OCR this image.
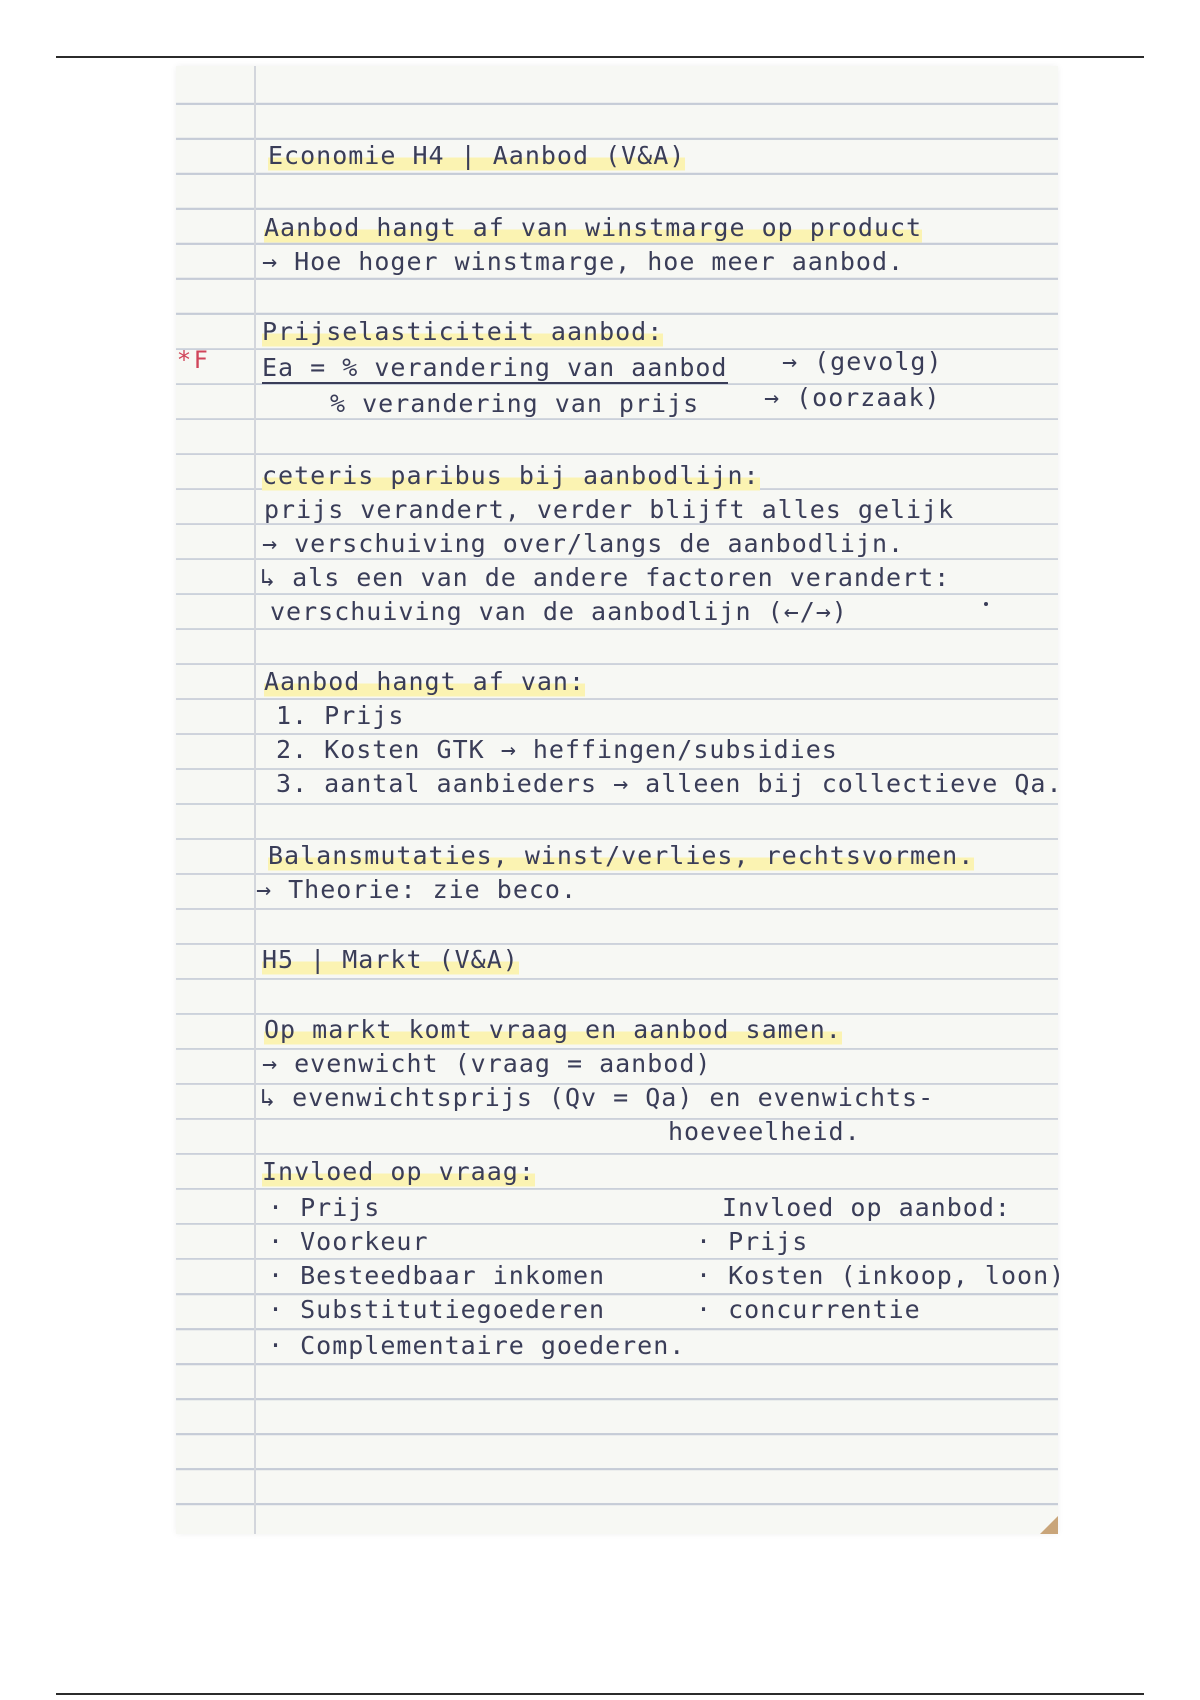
*F
Economie H4 | Aanbod (V&A)
Aanbod hangt af van winstmarge op product
→ Hoe hoger winstmarge, hoe meer aanbod.
Prijselasticiteit aanbod:
Ea = % verandering van aanbod → (gevolg)
% verandering van prijs	→ (oorzaak)
ceteris paribus bij aanbodlijn:
prijs verandert, verder blijft alles gelijk
→ verschuiving over/langs de aanbodlijn.
↳ als een van de andere factoren verandert:
verschuiving van de aanbodlijn (←/→)
Aanbod hangt af van:
1. Prijs
2. Kosten GTK → heffingen/subsidies
3. aantal aanbieders → alleen bij collectieve Qa.
Balansmutaties, winst/verlies, rechtsvormen.
→ Theorie: zie beco.
H5 | Markt (V&A)
Op markt komt vraag en aanbod samen.
→ evenwicht (vraag = aanbod)
↳ evenwichtsprijs (Qv = Qa) en evenwichts-
hoeveelheid.
Invloed op vraag:
· Prijs
· Voorkeur
· Besteedbaar inkomen
· Substitutiegoederen
· Complementaire goederen.
Invloed op aanbod:
· Prijs
· Kosten (inkoop, loon)
· concurrentie
